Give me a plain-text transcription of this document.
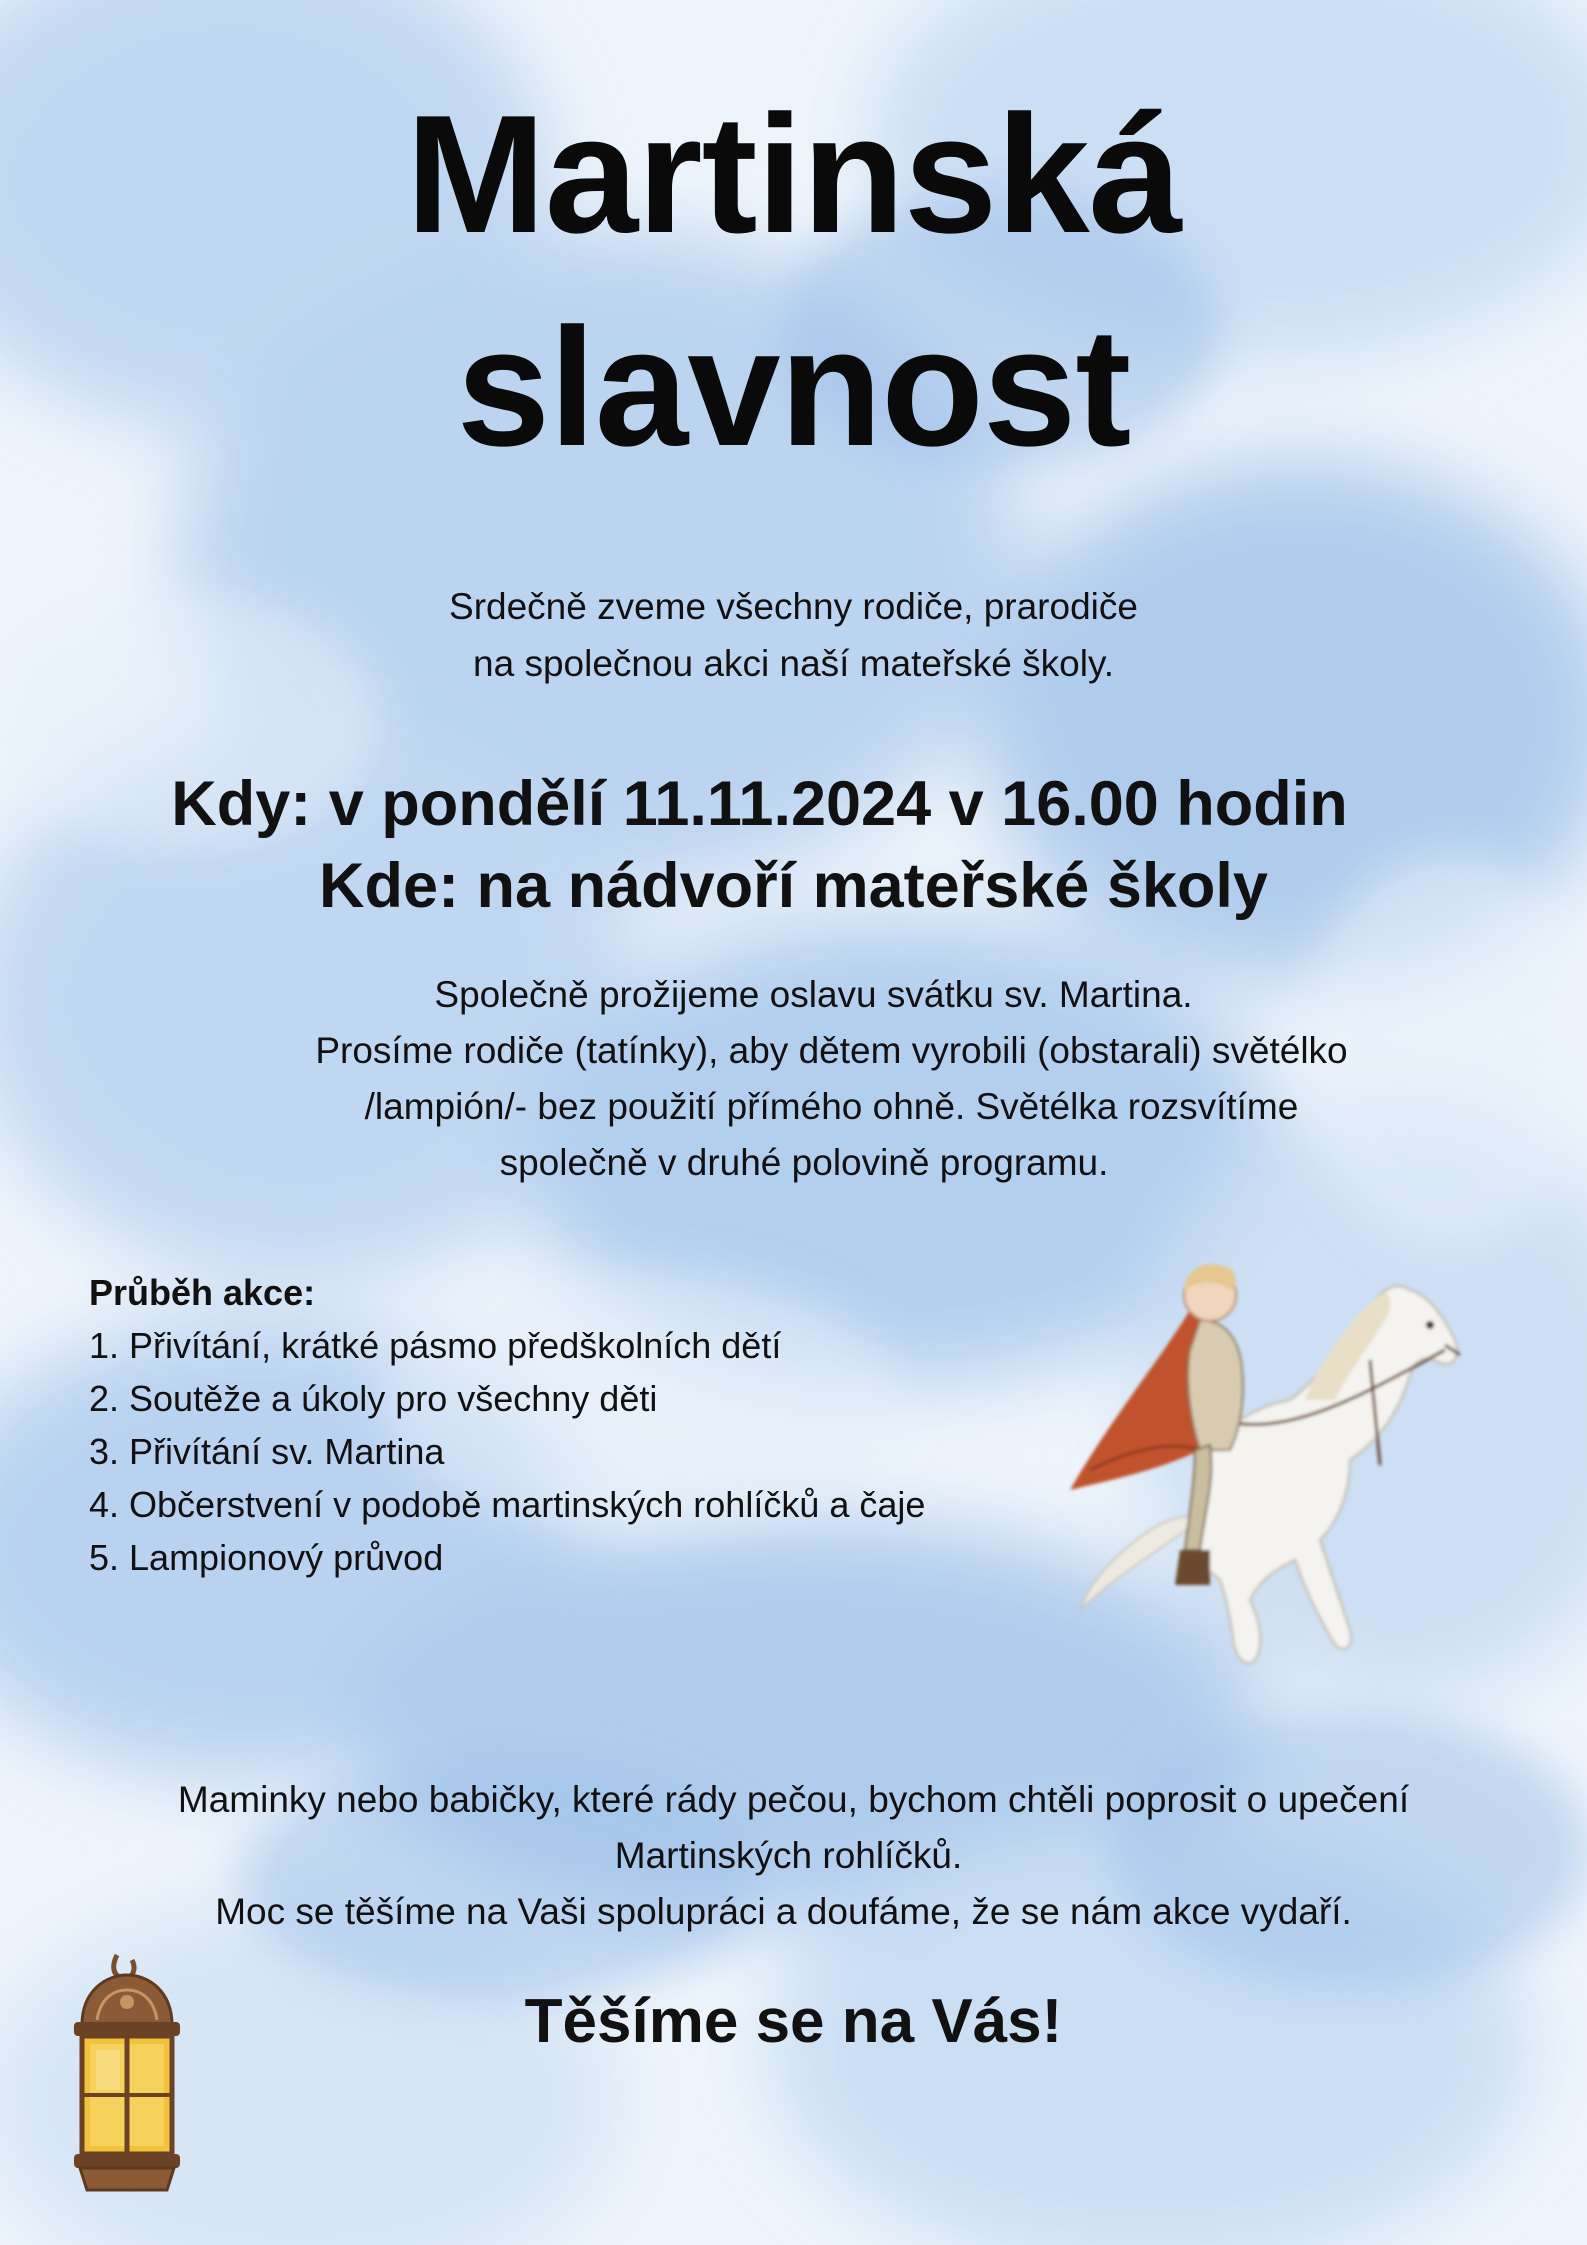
Martinská
slavnost
Srdečně zveme všechny rodiče, prarodiče
na společnou akci naší mateřské školy.
Kdy: v pondělí 11.11.2024 v 16.00 hodin
Kde: na nádvoří mateřské školy
Společně prožijeme oslavu svátku sv. Martina.
Prosíme rodiče (tatínky), aby dětem vyrobili (obstarali) světélko
/lampión/- bez použití přímého ohně. Světélka rozsvítíme
společně v druhé polovině programu.
Průběh akce:
1. Přivítání, krátké pásmo předškolních dětí
2. Soutěže a úkoly pro všechny děti
3. Přivítání sv. Martina
4. Občerstvení v podobě martinských rohlíčků a čaje
5. Lampionový průvod
Maminky nebo babičky, které rády pečou, bychom chtěli poprosit o upečení
Martinských rohlíčků.
Moc se těšíme na Vaši spolupráci a doufáme, že se nám akce vydaří.
Těšíme se na Vás!
